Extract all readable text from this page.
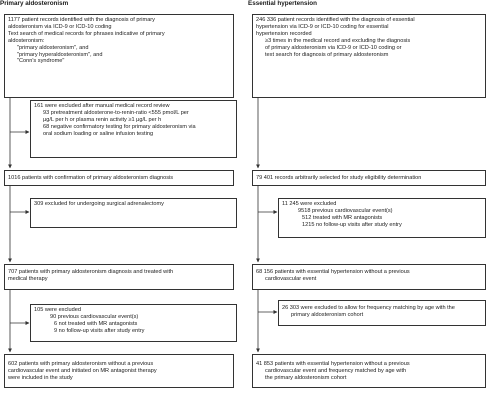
Primary aldosteronism	Essential hypertension

1177 patient records identified with the diagnosis of primary

aldosteronism via ICD-9 or ICD-10 coding

Text search of medical records for phrases indicative of primary

aldosteronism:

"primary aldosteronism", and

"primary hyperaldosteronism", and

"Conn's syndrome"

161 were excluded after manual medical record review

93 pretreatment aldosterone-to-renin-ratio <555 pmol/L per

µg/L per h or plasma renin activity ≥1 µg/L per h

68 negative confirmatory testing for primary aldosteronism via

oral sodium loading or saline infusion testing

1016 patients with confirmation of primary aldosteronism diagnosis

309 excluded for undergoing surgical adrenalectomy

707 patients with primary aldosteronism diagnosis and treated with

medical therapy

105 were excluded

90 previous cardiovascular event(s)

6 not treated with MR antagonists

9 no follow-up visits after study entry

602 patients with primary aldosteronism without a previous

cardiovascular event and initiated on MR antagonist therapy

were included in the study

246 336 patient records identified with the diagnosis of essential

hypertension via ICD-9 or ICD-10 coding for essential

hypertension recorded

≥3 times in the medical record and excluding the diagnosis

of primary aldosteronism via ICD-9 or ICD-10 coding or

text search for diagnosis of primary aldosteronism

79 401 records arbitrarily selected for study eligibility determination

11 245 were excluded

9518 previous cardiovascular event(s)

512 treated with MR antagonists

1215 no follow-up visits after study entry

68 156 patients with essential hypertension without a previous

cardiovascular event

26 303 were excluded to allow for frequency matching by age with the

primary aldosteronism cohort

41 853 patients with essential hypertension without a previous

cardiovascular event and frequency matched by age with

the primary aldosteronism cohort
